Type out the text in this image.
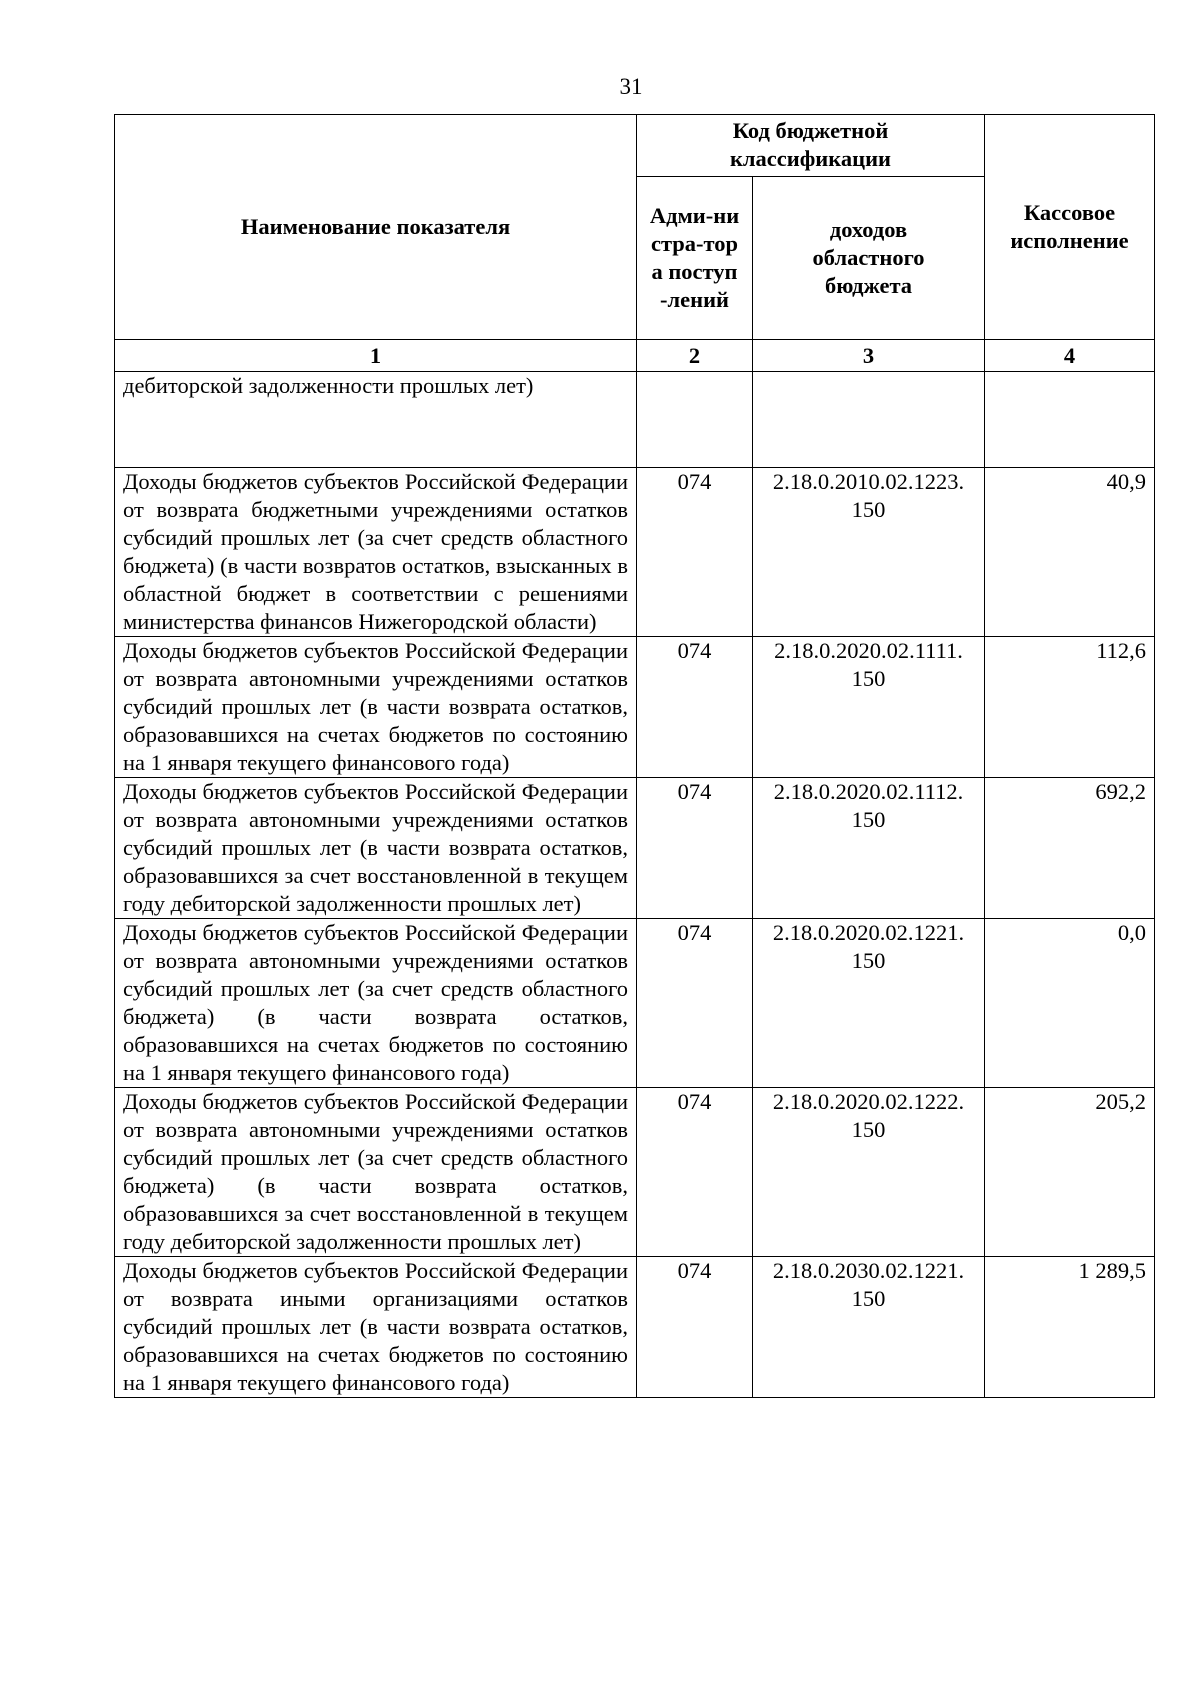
31
Наименование показателя	Код бюджетной классификации		Кассовое исполнение
	Адми-нистра-тора поступ-лений	доходов областного бюджета	
1	2	3	4
дебиторской задолженности прошлых лет)			
Доходы бюджетов субъектов Российской Федерации от возврата бюджетными учреждениями остатков субсидий прошлых лет (за счет средств областного бюджета) (в части возвратов остатков, взысканных в областной бюджет в соответствии с решениями министерства финансов Нижегородской области)	074	2.18.0.2010.02.1223. 150	40,9
Доходы бюджетов субъектов Российской Федерации от возврата автономными учреждениями остатков субсидий прошлых лет (в части возврата остатков, образовавшихся на счетах бюджетов по состоянию на 1 января текущего финансового года)	074	2.18.0.2020.02.1111. 150	112,6
Доходы бюджетов субъектов Российской Федерации от возврата автономными учреждениями остатков субсидий прошлых лет (в части возврата остатков, образовавшихся за счет восстановленной в текущем году дебиторской задолженности прошлых лет)	074	2.18.0.2020.02.1112. 150	692,2
Доходы бюджетов субъектов Российской Федерации от возврата автономными учреждениями остатков субсидий прошлых лет (за счет средств областного бюджета) (в части возврата остатков, образовавшихся на счетах бюджетов по состоянию на 1 января текущего финансового года)	074	2.18.0.2020.02.1221. 150	0,0
Доходы бюджетов субъектов Российской Федерации от возврата автономными учреждениями остатков субсидий прошлых лет (за счет средств областного бюджета) (в части возврата остатков, образовавшихся за счет восстановленной в текущем году дебиторской задолженности прошлых лет)	074	2.18.0.2020.02.1222. 150	205,2
Доходы бюджетов субъектов Российской Федерации от возврата иными организациями остатков субсидий прошлых лет (в части возврата остатков, образовавшихся на счетах бюджетов по состоянию на 1 января текущего финансового года)	074	2.18.0.2030.02.1221. 150	1 289,5
